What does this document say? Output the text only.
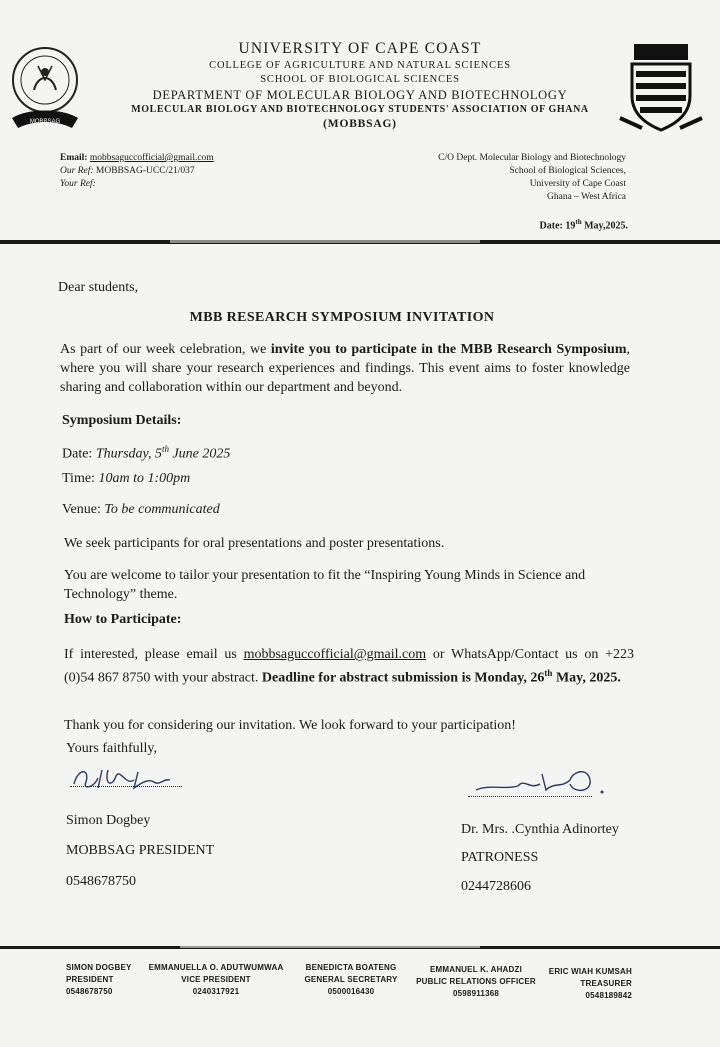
MOBBSAG
UNIVERSITY OF CAPE COAST
COLLEGE OF AGRICULTURE AND NATURAL SCIENCES
SCHOOL OF BIOLOGICAL SCIENCES
DEPARTMENT OF MOLECULAR BIOLOGY AND BIOTECHNOLOGY
MOLECULAR BIOLOGY AND BIOTECHNOLOGY STUDENTS' ASSOCIATION OF GHANA
(MOBBSAG)
Email: mobbsaguccofficial@gmail.com
Our Ref: MOBBSAG-UCC/21/037
Your Ref:
C/O Dept. Molecular Biology and Biotechnology
School of Biological Sciences,
University of Cape Coast
Ghana – West Africa
Date: 19th May,2025.
Dear students,
MBB RESEARCH SYMPOSIUM INVITATION
As part of our week celebration, we invite you to participate in the MBB Research Symposium, where you will share your research experiences and findings. This event aims to foster knowledge sharing and collaboration within our department and beyond.
Symposium Details:
Date: Thursday, 5th June 2025
Time: 10am to 1:00pm
Venue: To be communicated
We seek participants for oral presentations and poster presentations.
You are welcome to tailor your presentation to fit the “Inspiring Young Minds in Science and Technology” theme.
How to Participate:
If interested, please email us mobbsaguccofficial@gmail.com or WhatsApp/Contact us on +223 (0)54 867 8750 with your abstract. Deadline for abstract submission is Monday, 26th May, 2025.
Thank you for considering our invitation. We look forward to your participation!
Yours faithfully,
Simon Dogbey
MOBBSAG PRESIDENT
0548678750
Dr. Mrs. .Cynthia Adinortey
PATRONESS
0244728606
SIMON DOGBEY
PRESIDENT
0548678750
EMMANUELLA O. ADUTWUMWAA
VICE PRESIDENT
0240317921
BENEDICTA BOATENG
GENERAL SECRETARY
0500016430
EMMANUEL K. AHADZI
PUBLIC RELATIONS OFFICER
0598911368
ERIC WIAH KUMSAH
TREASURER
0548189842
